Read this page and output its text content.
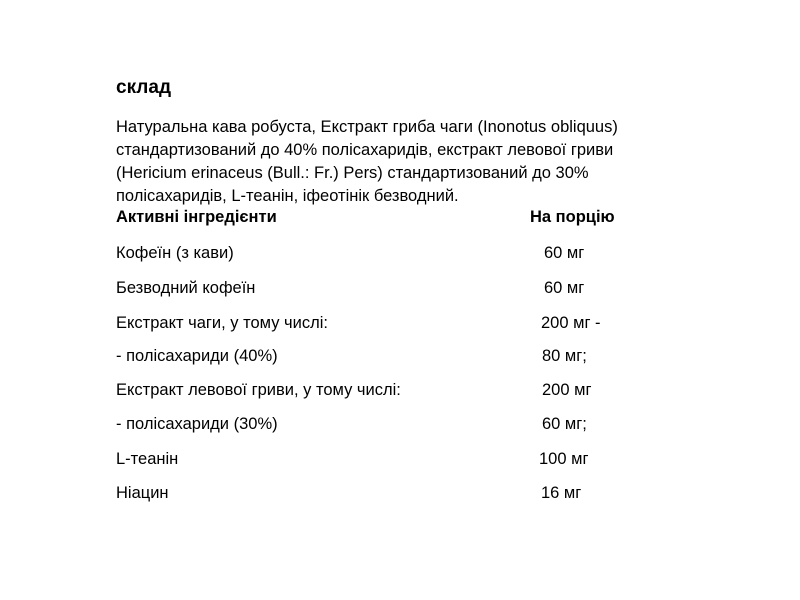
склад
Натуральна кава робуста, Екстракт гриба чаги (Inonotus obliquus)
стандартизований до 40% полісахаридів, екстракт левової гриви
(Hericium erinaceus (Bull.: Fr.) Pers) стандартизований до 30%
полісахаридів, L-теанін, іфеотінік безводний.
Активні інгредієнти	На порцію
Кофеїн (з кави)	60 мг
Безводний кофеїн	60 мг
Екстракт чаги, у тому числі:	200 мг -
- полісахариди (40%)	80 мг;
Екстракт левової гриви, у тому числі:	200 мг
- полісахариди (30%)	60 мг;
L-теанін	100 мг
Ніацин	16 мг
